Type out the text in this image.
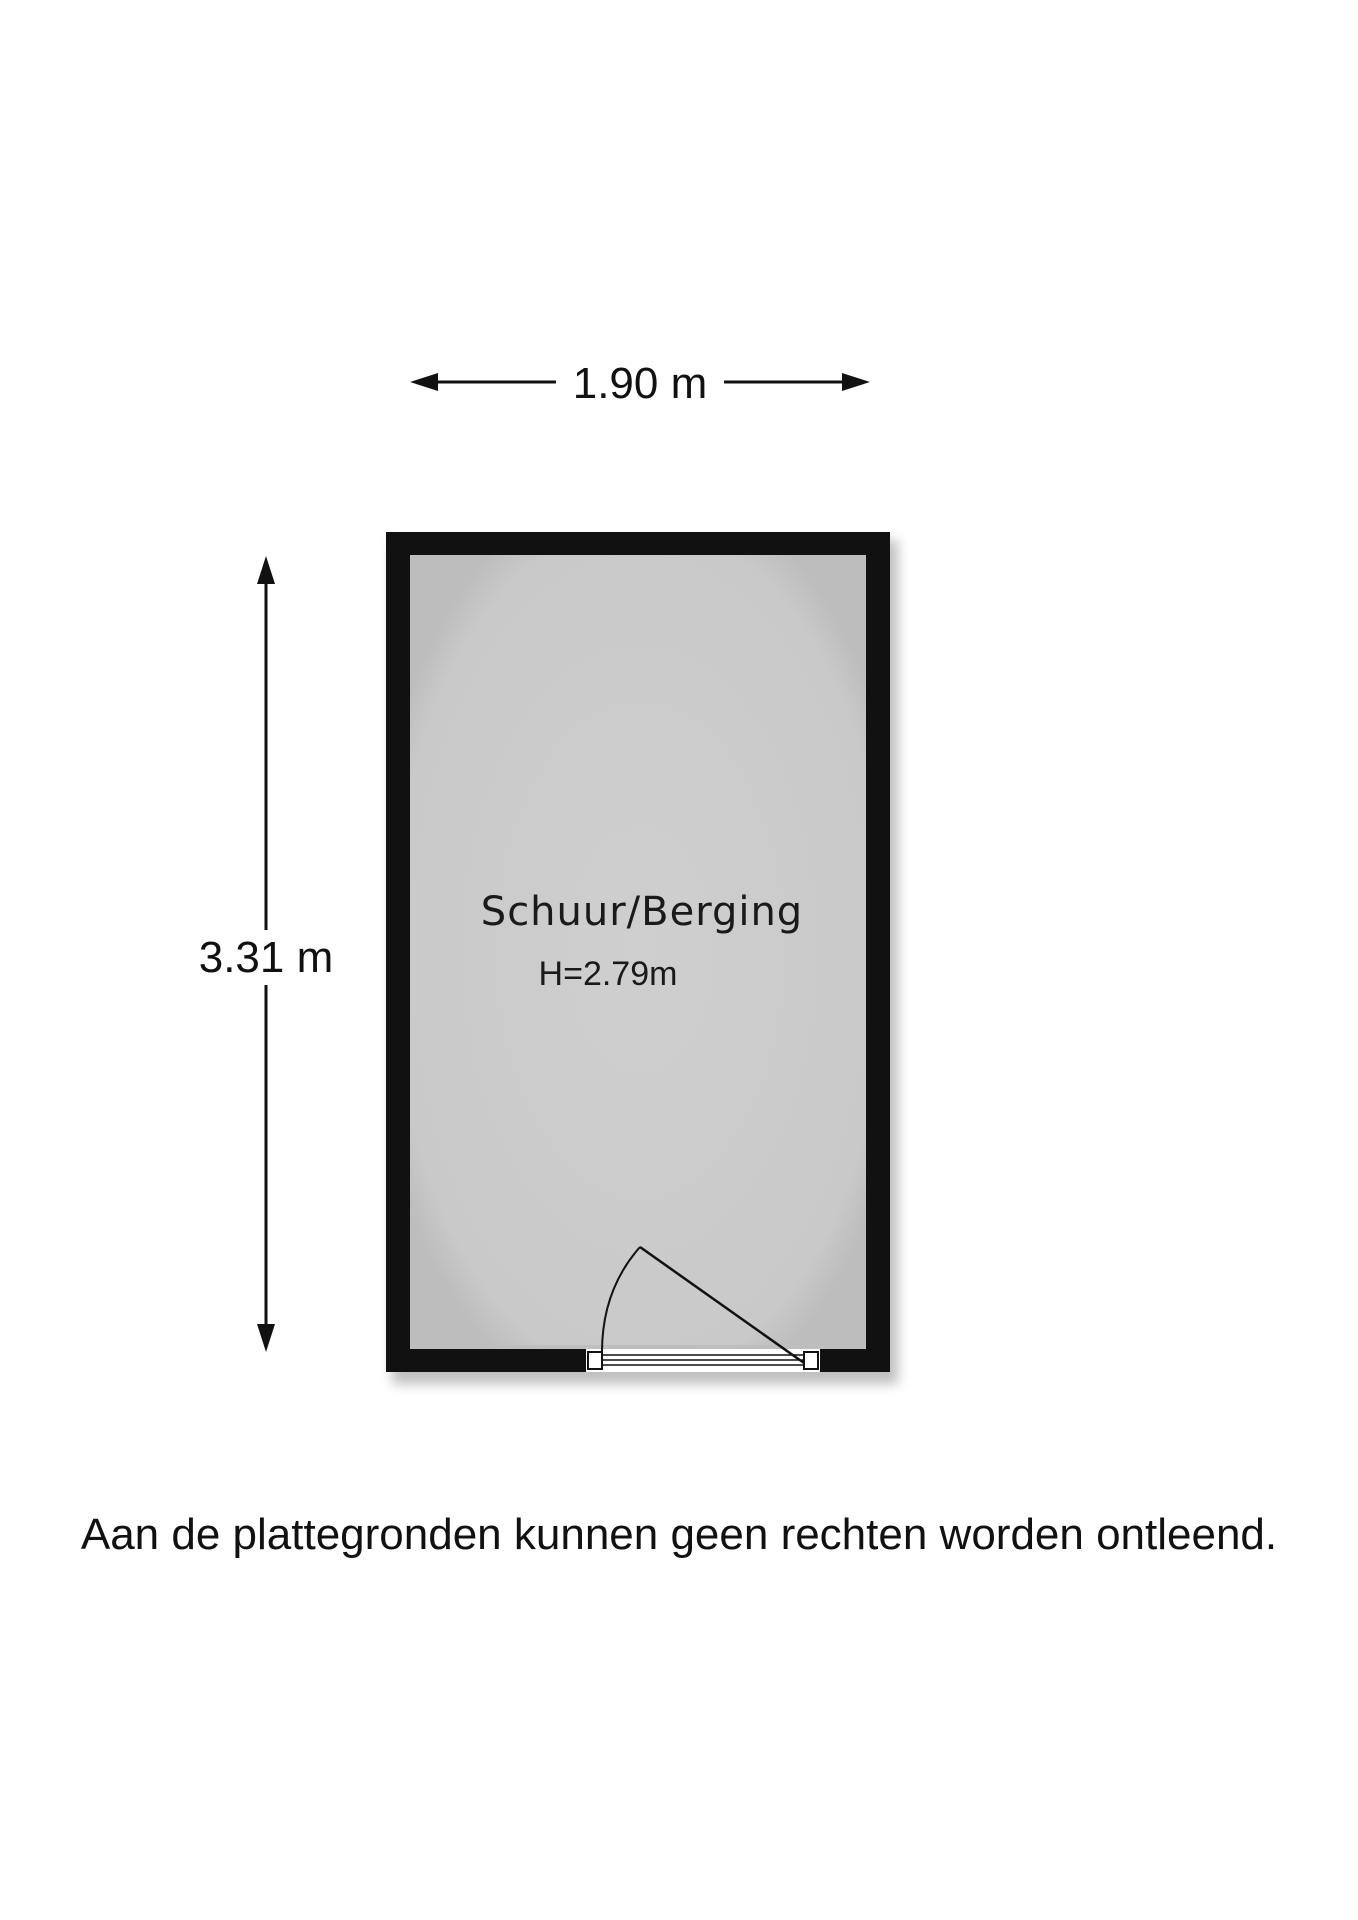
1.90 m
3.31 m
Schuur/Berging
H=2.79m
Aan de plattegronden kunnen geen rechten worden ontleend.
